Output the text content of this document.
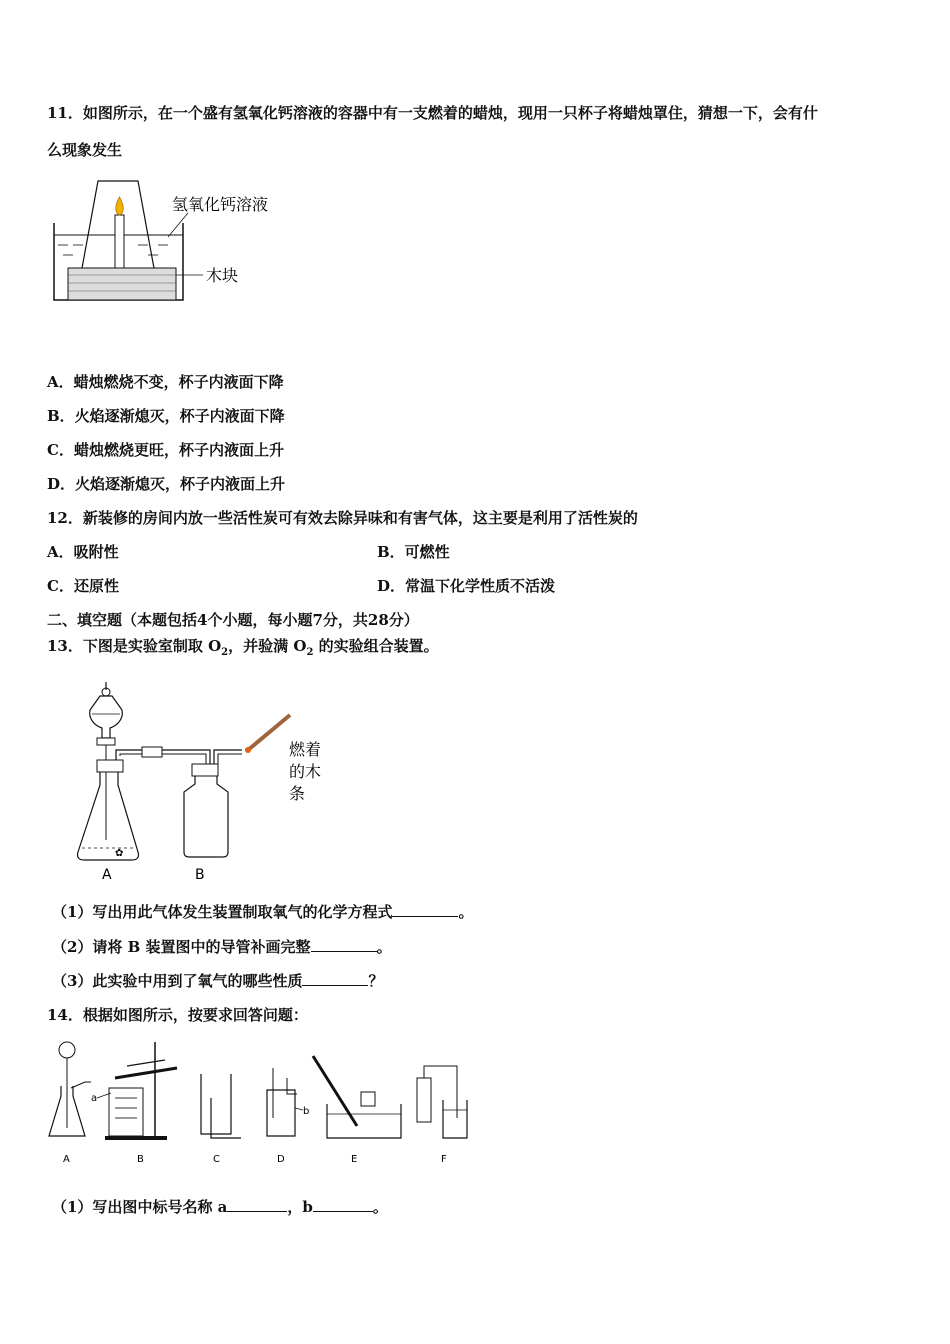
11．如图所示，在一个盛有氢氧化钙溶液的容器中有一支燃着的蜡烛，现用一只杯子将蜡烛罩住，猜想一下，会有什
么现象发生
氢氧化钙溶液
木块
A．蜡烛燃烧不变，杯子内液面下降
B．火焰逐渐熄灭，杯子内液面下降
C．蜡烛燃烧更旺，杯子内液面上升
D．火焰逐渐熄灭，杯子内液面上升
12．新装修的房间内放一些活性炭可有效去除异味和有害气体，这主要是利用了活性炭的
A．吸附性	B．可燃性
C．还原性	D．常温下化学性质不活泼
二、填空题（本题包括4个小题，每小题7分，共28分）
13．下图是实验室制取 $O_2$，并验满 $O_2$ 的实验组合装置。
✿
燃着
的木
条
A	B
（1）写出用此气体发生装置制取氧气的化学方程式	。
（2）请将 B 装置图中的导管补画完整	。
（3）此实验中用到了氧气的哪些性质	？
14．根据如图所示，按要求回答问题：
a
b
A	B	C	D	E	F
（1）写出图中标号名称 a	，b	。
